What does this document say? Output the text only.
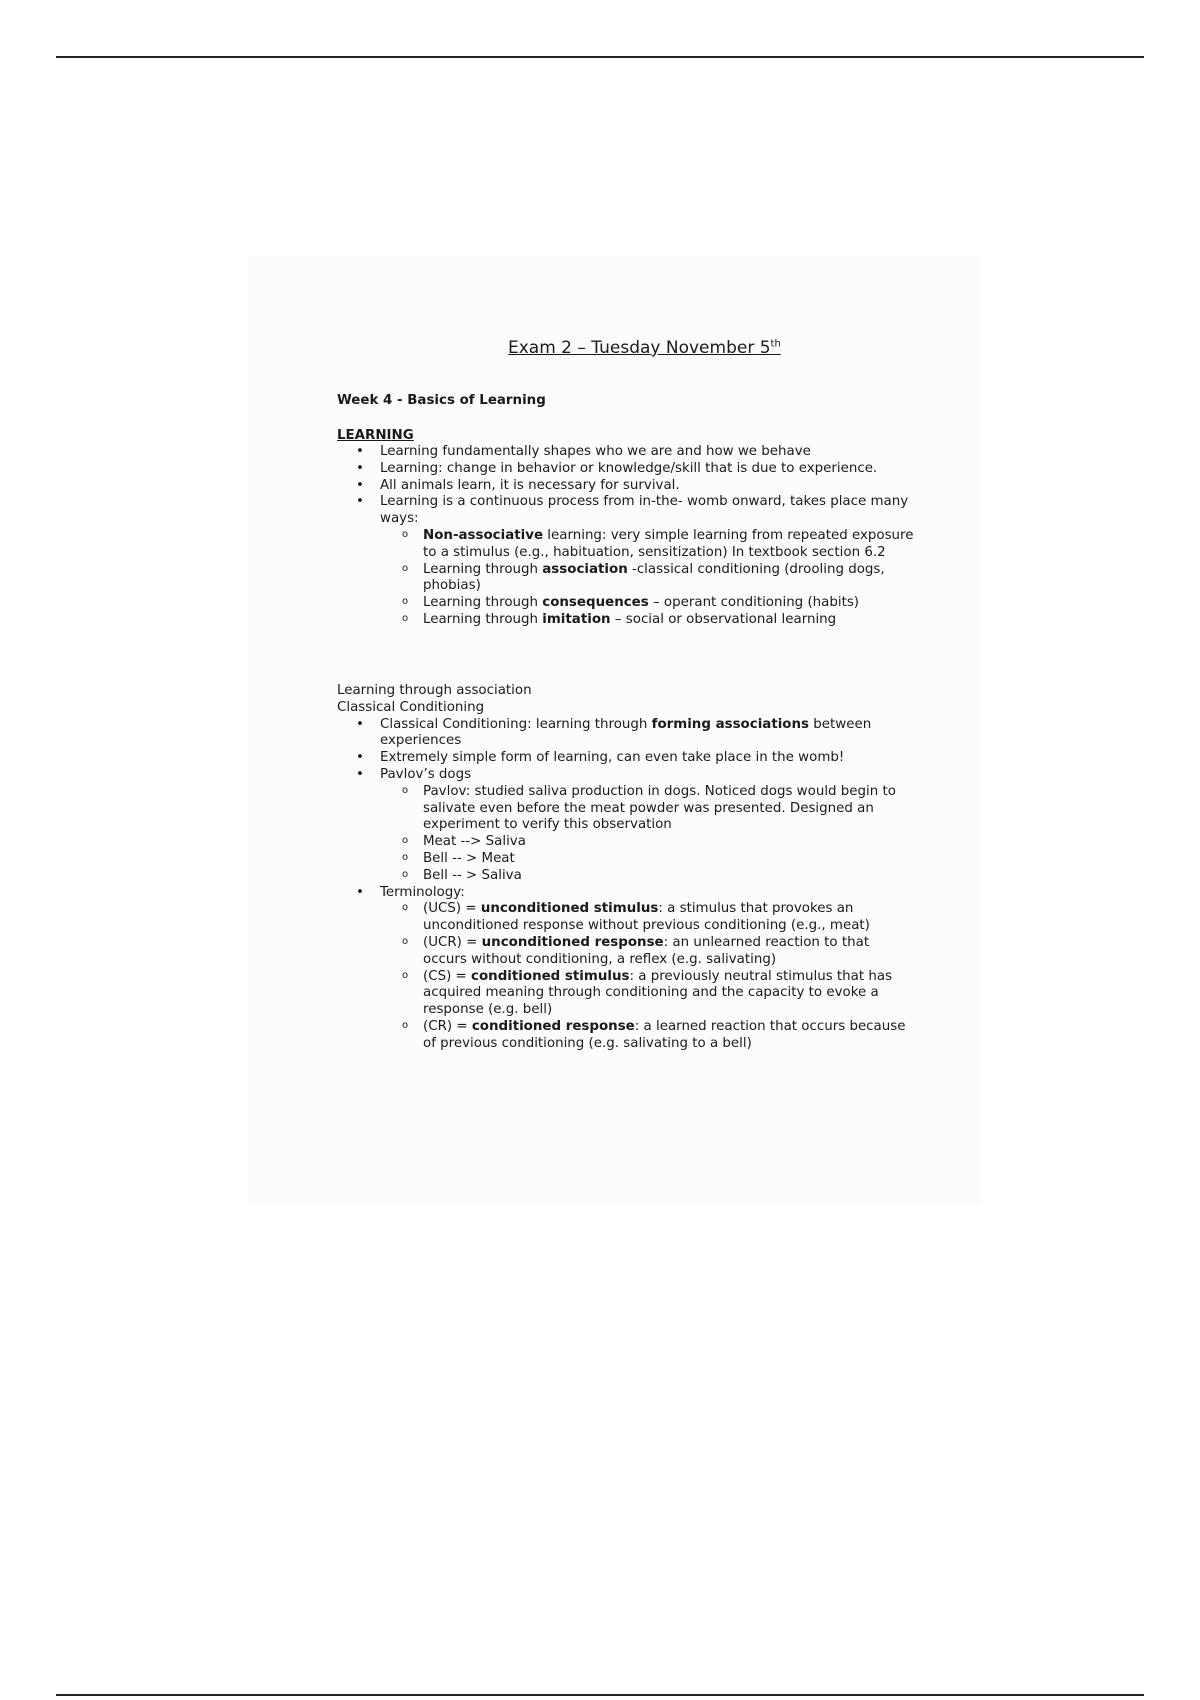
Exam 2 – Tuesday November 5th
Week 4 - Basics of Learning
LEARNING
• Learning fundamentally shapes who we are and how we behave
• Learning: change in behavior or knowledge/skill that is due to experience.
• All animals learn, it is necessary for survival.
• Learning is a continuous process from in-the- womb onward, takes place many ways:
o Non-associative learning: very simple learning from repeated exposure to a stimulus (e.g., habituation, sensitization) In textbook section 6.2
o Learning through association -classical conditioning (drooling dogs, phobias)
o Learning through consequences – operant conditioning (habits)
o Learning through imitation – social or observational learning
Learning through association
Classical Conditioning
• Classical Conditioning: learning through forming associations between experiences
• Extremely simple form of learning, can even take place in the womb!
• Pavlov’s dogs
o Pavlov: studied saliva production in dogs. Noticed dogs would begin to salivate even before the meat powder was presented. Designed an experiment to verify this observation
o Meat --> Saliva
o Bell -- > Meat
o Bell -- > Saliva
• Terminology:
o (UCS) = unconditioned stimulus: a stimulus that provokes an unconditioned response without previous conditioning (e.g., meat)
o (UCR) = unconditioned response: an unlearned reaction to that occurs without conditioning, a reflex (e.g. salivating)
o (CS) = conditioned stimulus: a previously neutral stimulus that has acquired meaning through conditioning and the capacity to evoke a response (e.g. bell)
o (CR) = conditioned response: a learned reaction that occurs because of previous conditioning (e.g. salivating to a bell)
